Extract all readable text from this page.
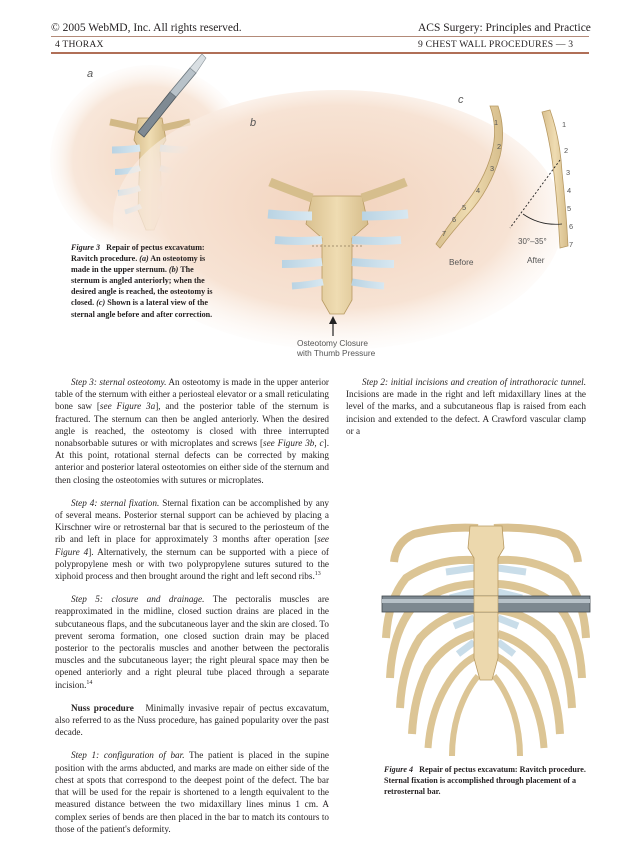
© 2005 WebMD, Inc. All rights reserved.
4 THORAX
ACS Surgery: Principles and Practice
9 CHEST WALL PROCEDURES — 3
a
b
c
1
2
3
4
5
6
7
1
2
3
4
5
6
7
30°–35°
Before	After
Osteotomy Closure
with Thumb Pressure
Figure 3 Repair of pectus excavatum: Ravitch procedure. (a) An osteotomy is made in the upper sternum. (b) The sternum is angled anteriorly; when the desired angle is reached, the osteotomy is closed. (c) Shown is a lateral view of the sternal angle before and after correction.

Step 3: sternal osteotomy. An osteotomy is made in the upper anterior table of the sternum with either a periosteal elevator or a small reticulating bone saw [see Figure 3a], and the posterior table of the sternum is fractured. The sternum can then be angled anteriorly. When the desired angle is reached, the osteotomy is closed with three interrupted nonabsorbable sutures or with microplates and screws [see Figure 3b, c]. At this point, rotational sternal defects can be corrected by making anterior and posterior lateral osteotomies on either side of the sternum and then closing the osteotomies with sutures or microplates.

Step 4: sternal fixation. Sternal fixation can be accomplished by any of several means. Posterior sternal support can be achieved by placing a Kirschner wire or retrosternal bar that is secured to the periosteum of the rib and left in place for approximately 3 months after operation [see Figure 4]. Alternatively, the sternum can be supported with a piece of polypropylene mesh or with two polypropylene sutures sutured to the xiphoid process and then brought around the right and left second ribs.$^{13}$

Step 5: closure and drainage. The pectoralis muscles are reapproximated in the midline, closed suction drains are placed in the subcutaneous flaps, and the subcutaneous layer and the skin are closed. To prevent seroma formation, one closed suction drain may be placed posterior to the pectoralis muscles and another between the pectoralis muscles and the subcutaneous layer; the right pleural space may then be opened anteriorly and a right pleural tube placed through a separate incision.$^{14}$

Nuss procedure Minimally invasive repair of pectus excavatum, also referred to as the Nuss procedure, has gained popularity over the past decade.

Step 1: configuration of bar. The patient is placed in the supine position with the arms abducted, and marks are made on either side of the chest at spots that correspond to the deepest point of the defect. The bar that will be used for the repair is shortened to a length equivalent to the measured distance between the two midaxillary lines minus 1 cm. A complex series of bends are then placed in the bar to match its contours to those of the patient's deformity.

Step 2: initial incisions and creation of intrathoracic tunnel. Incisions are made in the right and left midaxillary lines at the level of the marks, and a subcutaneous flap is raised from each incision and extended to the defect. A Crawford vascular clamp or a

Figure 4 Repair of pectus excavatum: Ravitch procedure. Sternal fixation is accomplished through placement of a retrosternal bar.
